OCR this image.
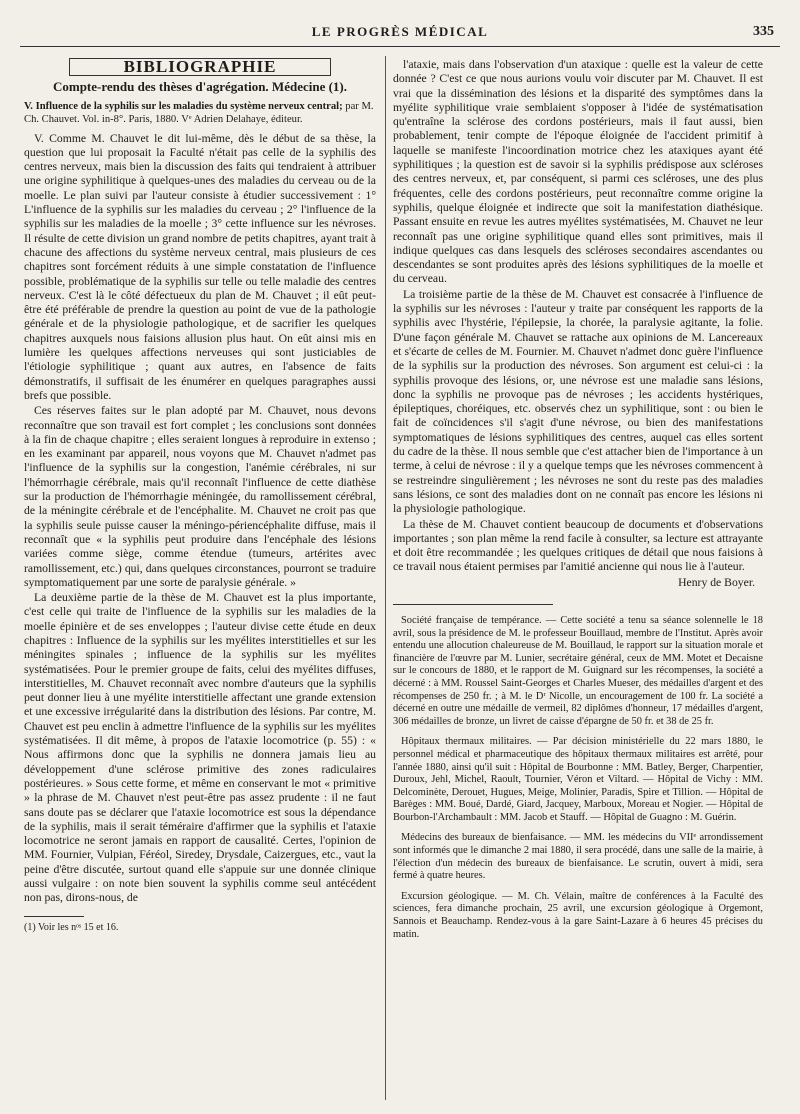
LE PROGRÈS MÉDICAL	335
BIBLIOGRAPHIE
Compte-rendu des thèses d'agrégation. Médecine (1).
V. Influence de la syphilis sur les maladies du système nerveux central; par M. Ch. Chauvet. Vol. in-8°. Paris, 1880. Vᵉ Adrien Delahaye, éditeur.

V. Comme M. Chauvet le dit lui-même, dès le début de sa thèse, la question que lui proposait la Faculté n'était pas celle de la syphilis des centres nerveux, mais bien la discussion des faits qui tendraient à attribuer une origine syphilitique à quelques-unes des maladies du cerveau ou de la moelle. Le plan suivi par l'auteur consiste à étudier successivement : 1° L'influence de la syphilis sur les maladies du cerveau ; 2° l'influence de la syphilis sur les maladies de la moelle ; 3° cette influence sur les névroses. Il résulte de cette division un grand nombre de petits chapitres, ayant trait à chacune des affections du système nerveux central, mais plusieurs de ces chapitres sont forcément réduits à une simple constatation de l'influence possible, problématique de la syphilis sur telle ou telle maladie des centres nerveux. C'est là le côté défectueux du plan de M. Chauvet ; il eût peut-être été préférable de prendre la question au point de vue de la pathologie générale et de la physiologie pathologique, et de sacrifier les quelques chapitres auxquels nous faisions allusion plus haut. On eût ainsi mis en lumière les quelques affections nerveuses qui sont justiciables de l'étiologie syphilitique ; quant aux autres, en l'absence de faits démonstratifs, il suffisait de les énumérer en quelques paragraphes aussi brefs que possible.

Ces réserves faites sur le plan adopté par M. Chauvet, nous devons reconnaître que son travail est fort complet ; les conclusions sont données à la fin de chaque chapitre ; elles seraient longues à reproduire in extenso ; en les examinant par appareil, nous voyons que M. Chauvet n'admet pas l'influence de la syphilis sur la congestion, l'anémie cérébrales, ni sur l'hémorrhagie cérébrale, mais qu'il reconnaît l'influence de cette diathèse sur la production de l'hémorrhagie méningée, du ramollissement cérébral, de la méningite cérébrale et de l'encéphalite. M. Chauvet ne croit pas que la syphilis seule puisse causer la méningo-périencéphalite diffuse, mais il reconnaît que « la syphilis peut produire dans l'encéphale des lésions variées comme siège, comme étendue (tumeurs, artérites avec ramollissement, etc.) qui, dans quelques circonstances, pourront se traduire symptomatiquement par une sorte de paralysie générale. »

La deuxième partie de la thèse de M. Chauvet est la plus importante, c'est celle qui traite de l'influence de la syphilis sur les maladies de la moelle épinière et de ses enveloppes ; l'auteur divise cette étude en deux chapitres : Influence de la syphilis sur les myélites interstitielles et sur les méningites spinales ; influence de la syphilis sur les myélites systématisées. Pour le premier groupe de faits, celui des myélites diffuses, interstitielles, M. Chauvet reconnaît avec nombre d'auteurs que la syphilis peut donner lieu à une myélite interstitielle affectant une grande extension et une excessive irrégularité dans la distribution des lésions. Par contre, M. Chauvet est peu enclin à admettre l'influence de la syphilis sur les myélites systématisées. Il dit même, à propos de l'ataxie locomotrice (p. 55) : « Nous affirmons donc que la syphilis ne donnera jamais lieu au développement d'une sclérose primitive des zones radiculaires postérieures. » Sous cette forme, et même en conservant le mot « primitive » la phrase de M. Chauvet n'est peut-être pas assez prudente : il ne faut sans doute pas se déclarer que l'ataxie locomotrice est sous la dépendance de la syphilis, mais il serait téméraire d'affirmer que la syphilis et l'ataxie locomotrice ne seront jamais en rapport de causalité. Certes, l'opinion de MM. Fournier, Vulpian, Féréol, Siredey, Drysdale, Caizergues, etc., vaut la peine d'être discutée, surtout quand elle s'appuie sur une donnée clinique aussi vulgaire : on note bien souvent la syphilis comme seul antécédent non pas, dirons-nous, de

(1) Voir les nᵒˢ 15 et 16.

l'ataxie, mais dans l'observation d'un ataxique : quelle est la valeur de cette donnée ? C'est ce que nous aurions voulu voir discuter par M. Chauvet. Il est vrai que la dissémination des lésions et la disparité des symptômes dans la myélite syphilitique vraie semblaient s'opposer à l'idée de systématisation qu'entraîne la sclérose des cordons postérieurs, mais il faut aussi, bien probablement, tenir compte de l'époque éloignée de l'accident primitif à laquelle se manifeste l'incoordination motrice chez les ataxiques ayant été syphilitiques ; la question est de savoir si la syphilis prédispose aux scléroses des centres nerveux, et, par conséquent, si parmi ces scléroses, une des plus fréquentes, celle des cordons postérieurs, peut reconnaître comme origine la syphilis, quelque éloignée et indirecte que soit la manifestation diathésique. Passant ensuite en revue les autres myélites systématisées, M. Chauvet ne leur reconnaît pas une origine syphilitique quand elles sont primitives, mais il indique quelques cas dans lesquels des scléroses secondaires ascendantes ou descendantes se sont produites après des lésions syphilitiques de la moelle et du cerveau.

La troisième partie de la thèse de M. Chauvet est consacrée à l'influence de la syphilis sur les névroses : l'auteur y traite par conséquent les rapports de la syphilis avec l'hystérie, l'épilepsie, la chorée, la paralysie agitante, la folie. D'une façon générale M. Chauvet se rattache aux opinions de M. Lancereaux et s'écarte de celles de M. Fournier. M. Chauvet n'admet donc guère l'influence de la syphilis sur la production des névroses. Son argument est celui-ci : la syphilis provoque des lésions, or, une névrose est une maladie sans lésions, donc la syphilis ne provoque pas de névroses ; les accidents hystériques, épileptiques, choréiques, etc. observés chez un syphilitique, sont : ou bien le fait de coïncidences s'il s'agit d'une névrose, ou bien des manifestations symptomatiques de lésions syphilitiques des centres, auquel cas elles sortent du cadre de la thèse. Il nous semble que c'est attacher bien de l'importance à un terme, à celui de névrose : il y a quelque temps que les névroses commencent à se restreindre singulièrement ; les névroses ne sont du reste pas des maladies sans lésions, ce sont des maladies dont on ne connaît pas encore les lésions ni la physiologie pathologique.

La thèse de M. Chauvet contient beaucoup de documents et d'observations importantes ; son plan même la rend facile à consulter, sa lecture est attrayante et doit être recommandée ; les quelques critiques de détail que nous faisions à ce travail nous étaient permises par l'amitié ancienne qui nous lie à l'auteur.

Henry de Boyer.

Société française de tempérance. — Cette société a tenu sa séance solennelle le 18 avril, sous la présidence de M. le professeur Bouillaud, membre de l'Institut. Après avoir entendu une allocution chaleureuse de M. Bouillaud, le rapport sur la situation morale et financière de l'œuvre par M. Lunier, secrétaire général, ceux de MM. Motet et Decaisne sur le concours de 1880, et le rapport de M. Guignard sur les récompenses, la société a décerné : à MM. Roussel Saint-Georges et Charles Mueser, des médailles d'argent et des récompenses de 250 fr. ; à M. le Dʳ Nicolle, un encouragement de 100 fr. La société a décerné en outre une médaille de vermeil, 82 diplômes d'honneur, 17 médailles d'argent, 306 médailles de bronze, un livret de caisse d'épargne de 50 fr. et 38 de 25 fr.

Hôpitaux thermaux militaires. — Par décision ministérielle du 22 mars 1880, le personnel médical et pharmaceutique des hôpitaux thermaux militaires est arrêté, pour l'année 1880, ainsi qu'il suit : Hôpital de Bourbonne : MM. Batley, Berger, Charpentier, Duroux, Jehl, Michel, Raoult, Tournier, Véron et Viltard. — Hôpital de Vichy : MM. Delcominète, Derouet, Hugues, Meige, Molinier, Paradis, Spire et Tillion. — Hôpital de Barèges : MM. Boué, Dardé, Giard, Jacquey, Marboux, Moreau et Nogier. — Hôpital de Bourbon-l'Archambault : MM. Jacob et Stauff. — Hôpital de Guagno : M. Guérin.

Médecins des bureaux de bienfaisance. — MM. les médecins du VIIᵉ arrondissement sont informés que le dimanche 2 mai 1880, il sera procédé, dans une salle de la mairie, à l'élection d'un médecin des bureaux de bienfaisance. Le scrutin, ouvert à midi, sera fermé à quatre heures.

Excursion géologique. — M. Ch. Vélain, maître de conférences à la Faculté des sciences, fera dimanche prochain, 25 avril, une excursion géologique à Orgemont, Sannois et Beauchamp. Rendez-vous à la gare Saint-Lazare à 6 heures 45 précises du matin.
